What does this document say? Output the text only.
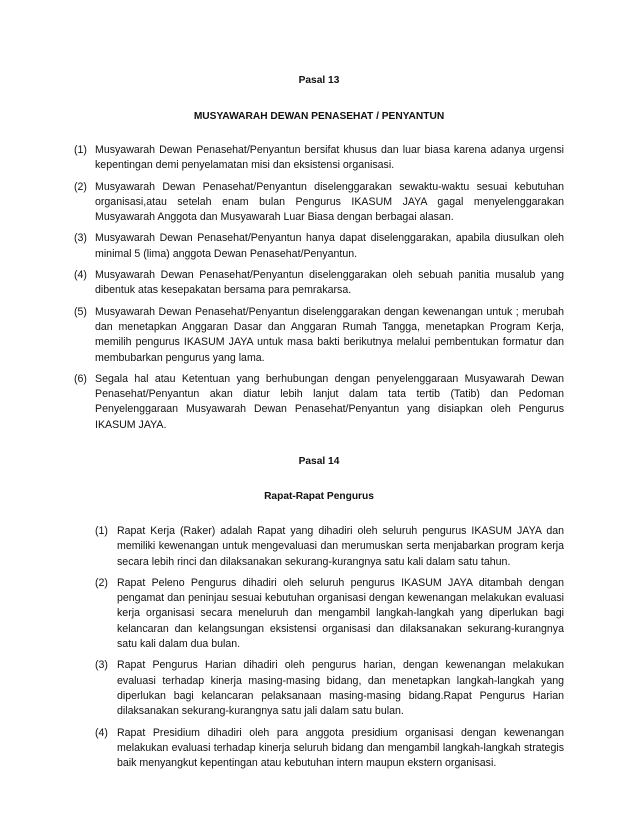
Pasal 13
MUSYAWARAH DEWAN PENASEHAT / PENYANTUN
(1) Musyawarah Dewan Penasehat/Penyantun bersifat khusus dan luar biasa karena adanya urgensi kepentingan demi penyelamatan misi dan eksistensi organisasi.
(2) Musyawarah Dewan Penasehat/Penyantun diselenggarakan sewaktu-waktu sesuai kebutuhan organisasi,atau setelah enam bulan Pengurus IKASUM JAYA gagal menyelenggarakan Musyawarah Anggota dan Musyawarah Luar Biasa dengan berbagai alasan.
(3) Musyawarah Dewan Penasehat/Penyantun hanya dapat diselenggarakan, apabila diusulkan oleh minimal 5 (lima) anggota Dewan Penasehat/Penyantun.
(4) Musyawarah Dewan Penasehat/Penyantun diselenggarakan oleh sebuah panitia musalub yang dibentuk atas kesepakatan bersama para pemrakarsa.
(5) Musyawarah Dewan Penasehat/Penyantun diselenggarakan dengan kewenangan untuk ; merubah dan menetapkan Anggaran Dasar dan Anggaran Rumah Tangga, menetapkan Program Kerja, memilih pengurus IKASUM JAYA untuk masa bakti berikutnya melalui pembentukan formatur dan membubarkan pengurus yang lama.
(6) Segala hal atau Ketentuan yang berhubungan dengan penyelenggaraan Musyawarah Dewan Penasehat/Penyantun akan diatur lebih lanjut dalam tata tertib (Tatib) dan Pedoman Penyelenggaraan Musyawarah Dewan Penasehat/Penyantun yang disiapkan oleh Pengurus IKASUM JAYA.
Pasal 14
Rapat-Rapat Pengurus
(1) Rapat Kerja (Raker) adalah Rapat yang dihadiri oleh seluruh pengurus IKASUM JAYA dan memiliki kewenangan untuk mengevaluasi dan merumuskan serta menjabarkan program kerja secara lebih rinci dan dilaksanakan sekurang-kurangnya satu kali dalam satu tahun.
(2) Rapat Peleno Pengurus dihadiri oleh seluruh pengurus IKASUM JAYA ditambah dengan pengamat dan peninjau sesuai kebutuhan organisasi dengan kewenangan melakukan evaluasi kerja organisasi secara meneluruh dan mengambil langkah-langkah yang diperlukan bagi kelancaran dan kelangsungan eksistensi organisasi dan dilaksanakan sekurang-kurangnya satu kali dalam dua bulan.
(3) Rapat Pengurus Harian dihadiri oleh pengurus harian, dengan kewenangan melakukan evaluasi terhadap kinerja masing-masing bidang, dan menetapkan langkah-langkah yang diperlukan bagi kelancaran pelaksanaan masing-masing bidang.Rapat Pengurus Harian dilaksanakan sekurang-kurangnya satu jali dalam satu bulan.
(4) Rapat Presidium dihadiri oleh para anggota presidium organisasi dengan kewenangan melakukan evaluasi terhadap kinerja seluruh bidang dan mengambil langkah-langkah strategis baik menyangkut kepentingan atau kebutuhan intern maupun ekstern organisasi.
